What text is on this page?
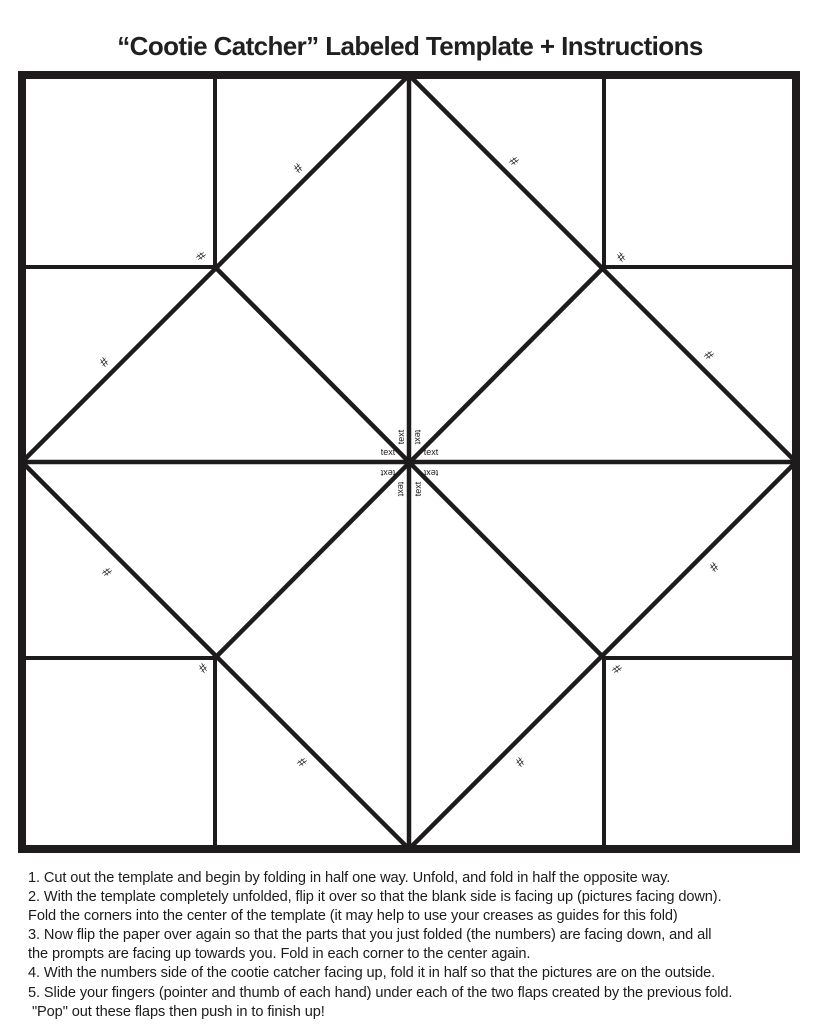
“Cootie Catcher” Labeled Template + Instructions
#
#
#
#
#
#
#
#
#	#
#	#
text text
text
text
text
text
text text
1. Cut out the template and begin by folding in half one way. Unfold, and fold in half the opposite way.
2. With the template completely unfolded, flip it over so that the blank side is facing up (pictures facing down).
Fold the corners into the center of the template (it may help to use your creases as guides for this fold)
3. Now flip the paper over again so that the parts that you just folded (the numbers) are facing down, and all
the prompts are facing up towards you. Fold in each corner to the center again.
4. With the numbers side of the cootie catcher facing up, fold it in half so that the pictures are on the outside.
5. Slide your fingers (pointer and thumb of each hand) under each of the two flaps created by the previous fold.
"Pop" out these flaps then push in to finish up!
